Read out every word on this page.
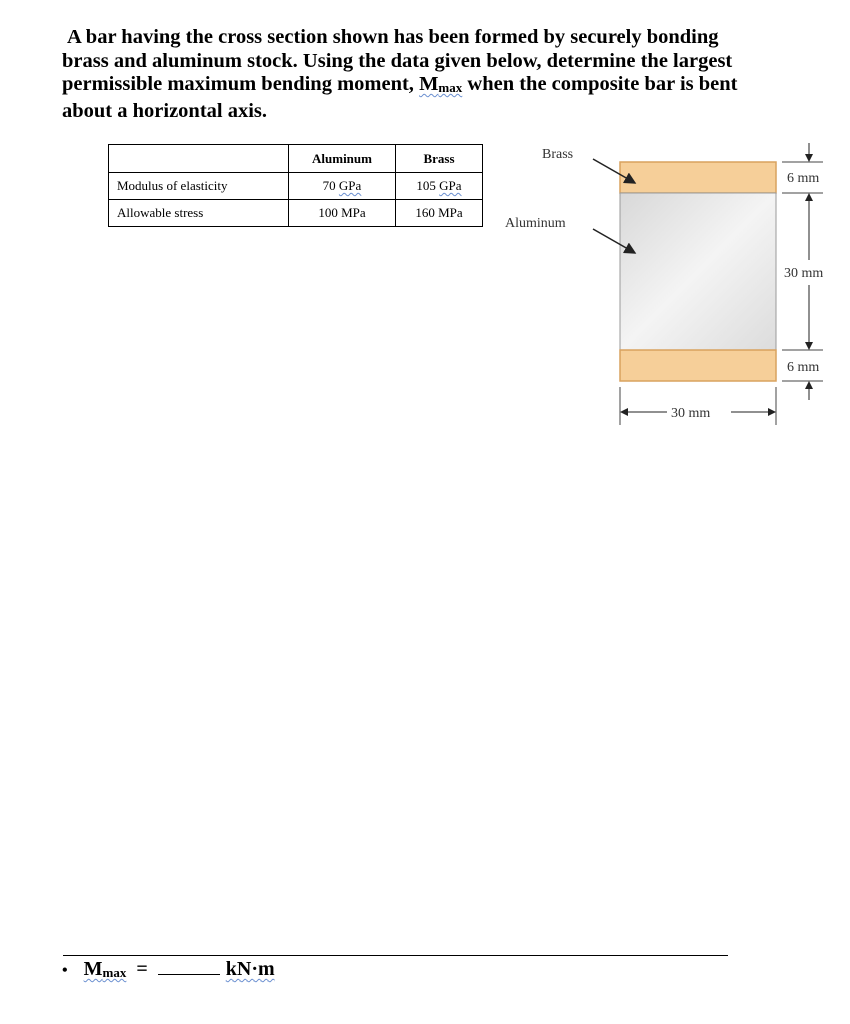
A bar having the cross section shown has been formed by securely bonding
brass and aluminum stock. Using the data given below, determine the largest
permissible maximum bending moment, Mmax when the composite bar is bent
about a horizontal axis.
	Aluminum	Brass
Modulus of elasticity	70 GPa	105 GPa
Allowable stress	100 MPa	160 MPa
Brass
Aluminum
6 mm
30 mm
6 mm
30 mm
• Mmax =	kN·m
